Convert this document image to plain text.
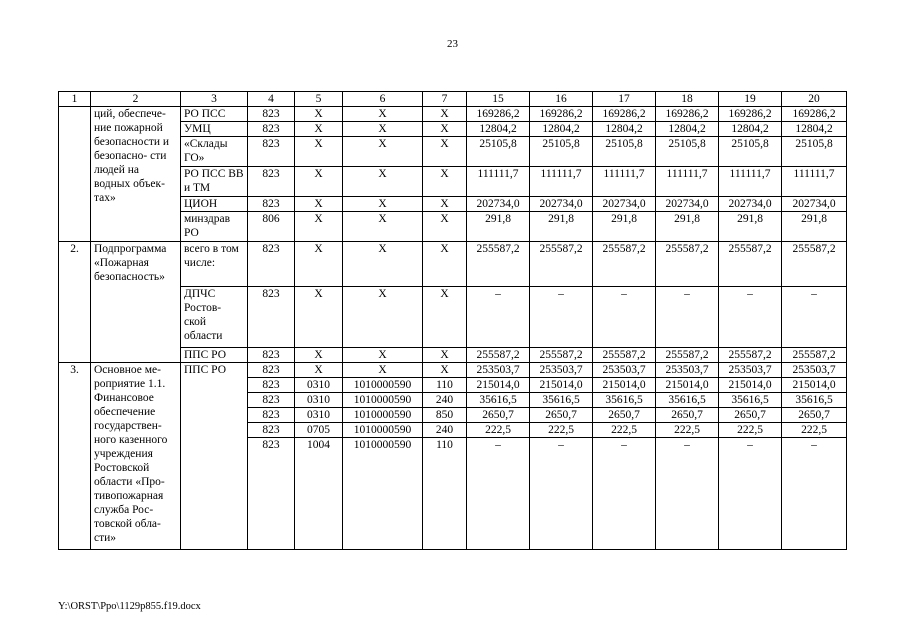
23
1	2	3	4	5	6	7	15	16	17	18	19	20
	ций, обеспече- ние пожарной безопасности и безопасно- сти людей на водных объек- тах»	РО ПСС	823	Х	Х	Х	169286,2	169286,2	169286,2	169286,2	169286,2	169286,2
		УМЦ	823	Х	Х	Х	12804,2	12804,2	12804,2	12804,2	12804,2	12804,2
		«Склады ГО»	823	Х	Х	Х	25105,8	25105,8	25105,8	25105,8	25105,8	25105,8
		РО ПСС ВВ и ТМ	823	Х	Х	Х	111111,7	111111,7	111111,7	111111,7	111111,7	111111,7
		ЦИОН	823	Х	Х	Х	202734,0	202734,0	202734,0	202734,0	202734,0	202734,0
		минздрав РО	806	Х	Х	Х	291,8	291,8	291,8	291,8	291,8	291,8
2.	Подпрограмма «Пожарная безопасность»	всего в том числе:	823	Х	Х	Х	255587,2	255587,2	255587,2	255587,2	255587,2	255587,2
		ДПЧС Ростов- ской области	823	Х	Х	Х	–	–	–	–	–	–
		ППС РО	823	Х	Х	Х	255587,2	255587,2	255587,2	255587,2	255587,2	255587,2
3.	Основное ме- роприятие 1.1. Финансовое обеспечение государствен- ного казенного учреждения Ростовской области «Про- тивопожарная служба Рос- товской обла- сти»	ППС РО	823	Х	Х	Х	253503,7	253503,7	253503,7	253503,7	253503,7	253503,7
			823	0310	1010000590	110	215014,0	215014,0	215014,0	215014,0	215014,0	215014,0
			823	0310	1010000590	240	35616,5	35616,5	35616,5	35616,5	35616,5	35616,5
			823	0310	1010000590	850	2650,7	2650,7	2650,7	2650,7	2650,7	2650,7
			823	0705	1010000590	240	222,5	222,5	222,5	222,5	222,5	222,5
			823	1004	1010000590	110	–	–	–	–	–	–
Y:\ORST\Ppo\1129p855.f19.docx
